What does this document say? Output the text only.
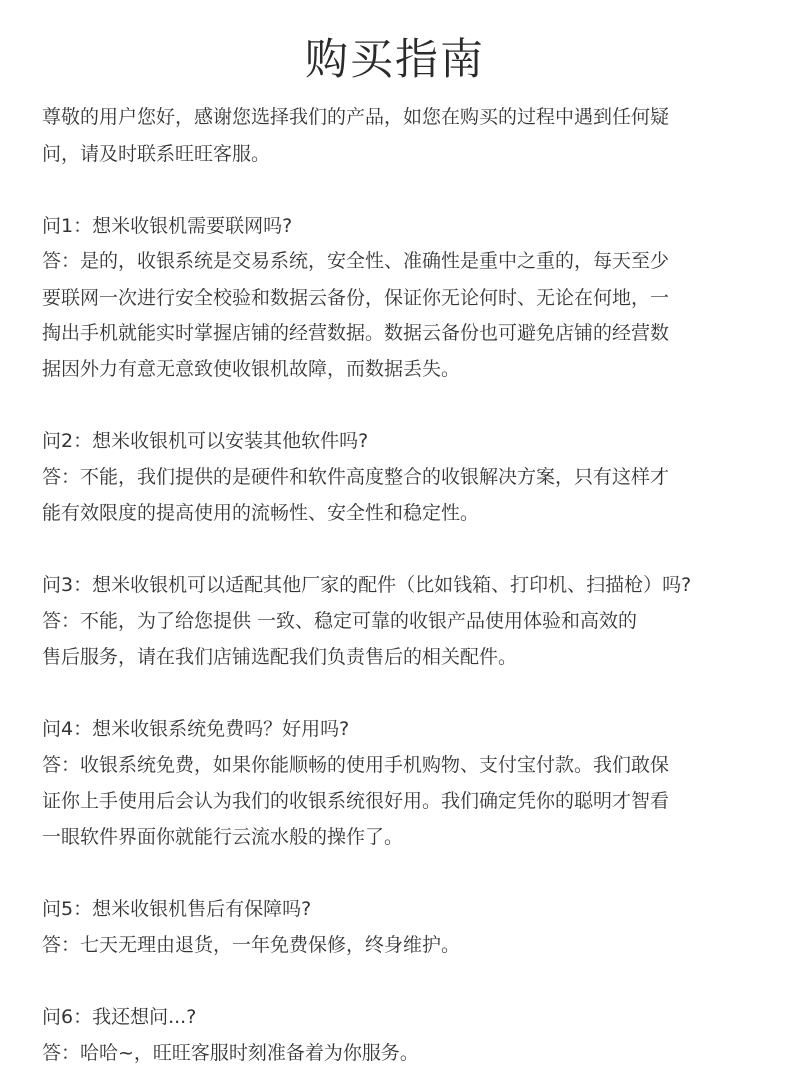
购买指南
尊敬的用户您好，感谢您选择我们的产品，如您在购买的过程中遇到任何疑
问，请及时联系旺旺客服。
问1：想米收银机需要联网吗?
答：是的，收银系统是交易系统，安全性、准确性是重中之重的，每天至少
要联网一次进行安全校验和数据云备份，保证你无论何时、无论在何地，一
掏出手机就能实时掌握店铺的经营数据。数据云备份也可避免店铺的经营数
据因外力有意无意致使收银机故障，而数据丢失。
问2：想米收银机可以安装其他软件吗?
答：不能，我们提供的是硬件和软件高度整合的收银解决方案，只有这样才
能有效限度的提高使用的流畅性、安全性和稳定性。
问3：想米收银机可以适配其他厂家的配件（比如钱箱、打印机、扫描枪）吗?
答：不能，为了给您提供 一致、稳定可靠的收银产品使用体验和高效的
售后服务，请在我们店铺选配我们负责售后的相关配件。
问4：想米收银系统免费吗？好用吗?
答：收银系统免费，如果你能顺畅的使用手机购物、支付宝付款。我们敢保
证你上手使用后会认为我们的收银系统很好用。我们确定凭你的聪明才智看
一眼软件界面你就能行云流水般的操作了。
问5：想米收银机售后有保障吗?
答：七天无理由退货，一年免费保修，终身维护。
问6：我还想问...?
答：哈哈~，旺旺客服时刻准备着为你服务。
